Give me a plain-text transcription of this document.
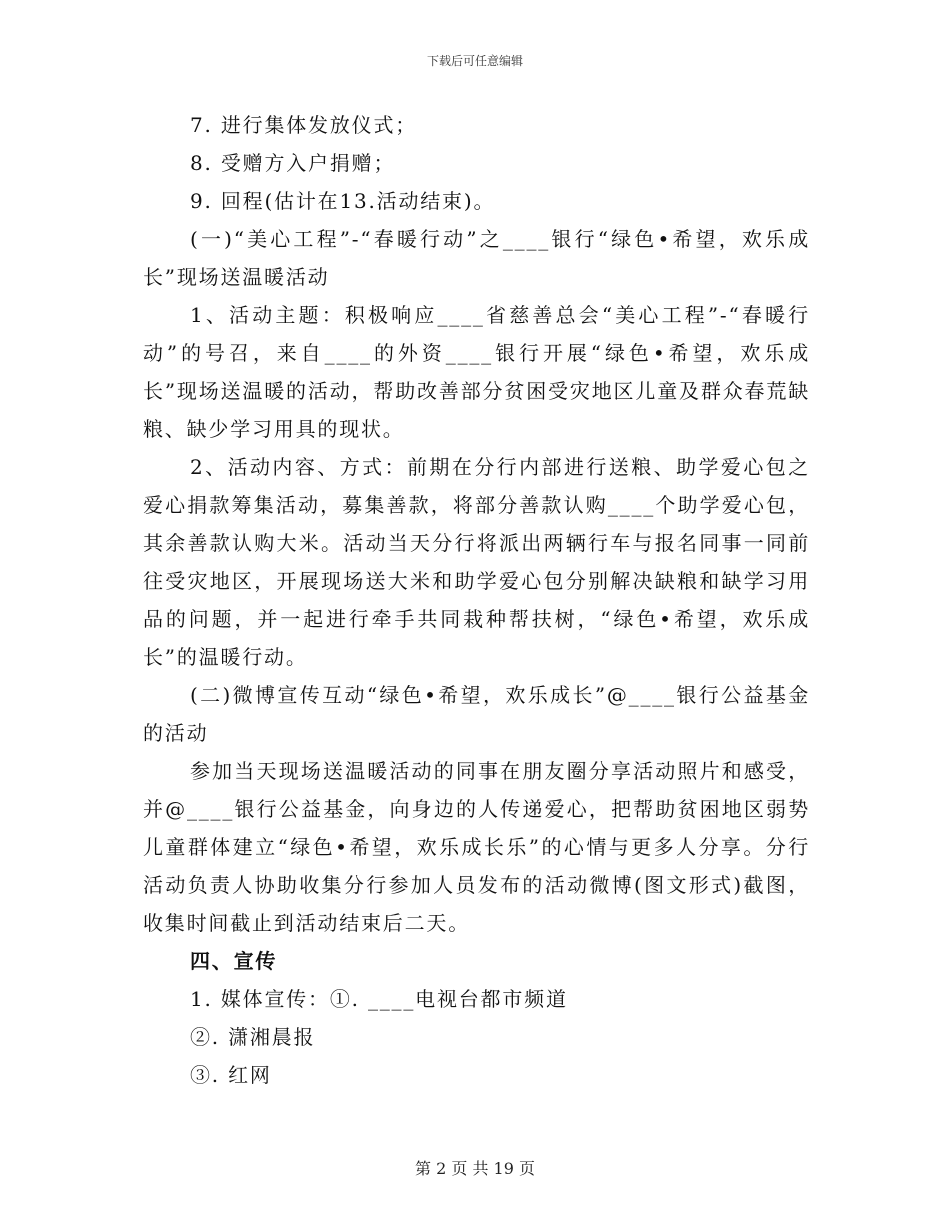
下载后可任意编辑

7. 进行集体发放仪式；

8. 受赠方入户捐赠；

9. 回程(估计在13.活动结束)。

(一)“美心工程”-“春暖行动”之____银行“绿色•希望，欢乐成长”现场送温暖活动

1、活动主题：积极响应____省慈善总会“美心工程”-“春暖行动”的号召，来自____的外资____银行开展“绿色•希望，欢乐成长”现场送温暖的活动，帮助改善部分贫困受灾地区儿童及群众春荒缺粮、缺少学习用具的现状。

2、活动内容、方式：前期在分行内部进行送粮、助学爱心包之爱心捐款筹集活动，募集善款，将部分善款认购____个助学爱心包，其余善款认购大米。活动当天分行将派出两辆行车与报名同事一同前往受灾地区，开展现场送大米和助学爱心包分别解决缺粮和缺学习用品的问题，并一起进行牵手共同栽种帮扶树，“绿色•希望，欢乐成长”的温暖行动。

(二)微博宣传互动“绿色•希望，欢乐成长”@____银行公益基金的活动

参加当天现场送温暖活动的同事在朋友圈分享活动照片和感受，并@____银行公益基金，向身边的人传递爱心，把帮助贫困地区弱势儿童群体建立“绿色•希望，欢乐成长乐”的心情与更多人分享。分行活动负责人协助收集分行参加人员发布的活动微博(图文形式)截图，收集时间截止到活动结束后二天。

四、宣传

1. 媒体宣传：①. ____电视台都市频道

②. 潇湘晨报

③. 红网

第 2 页 共 19 页
